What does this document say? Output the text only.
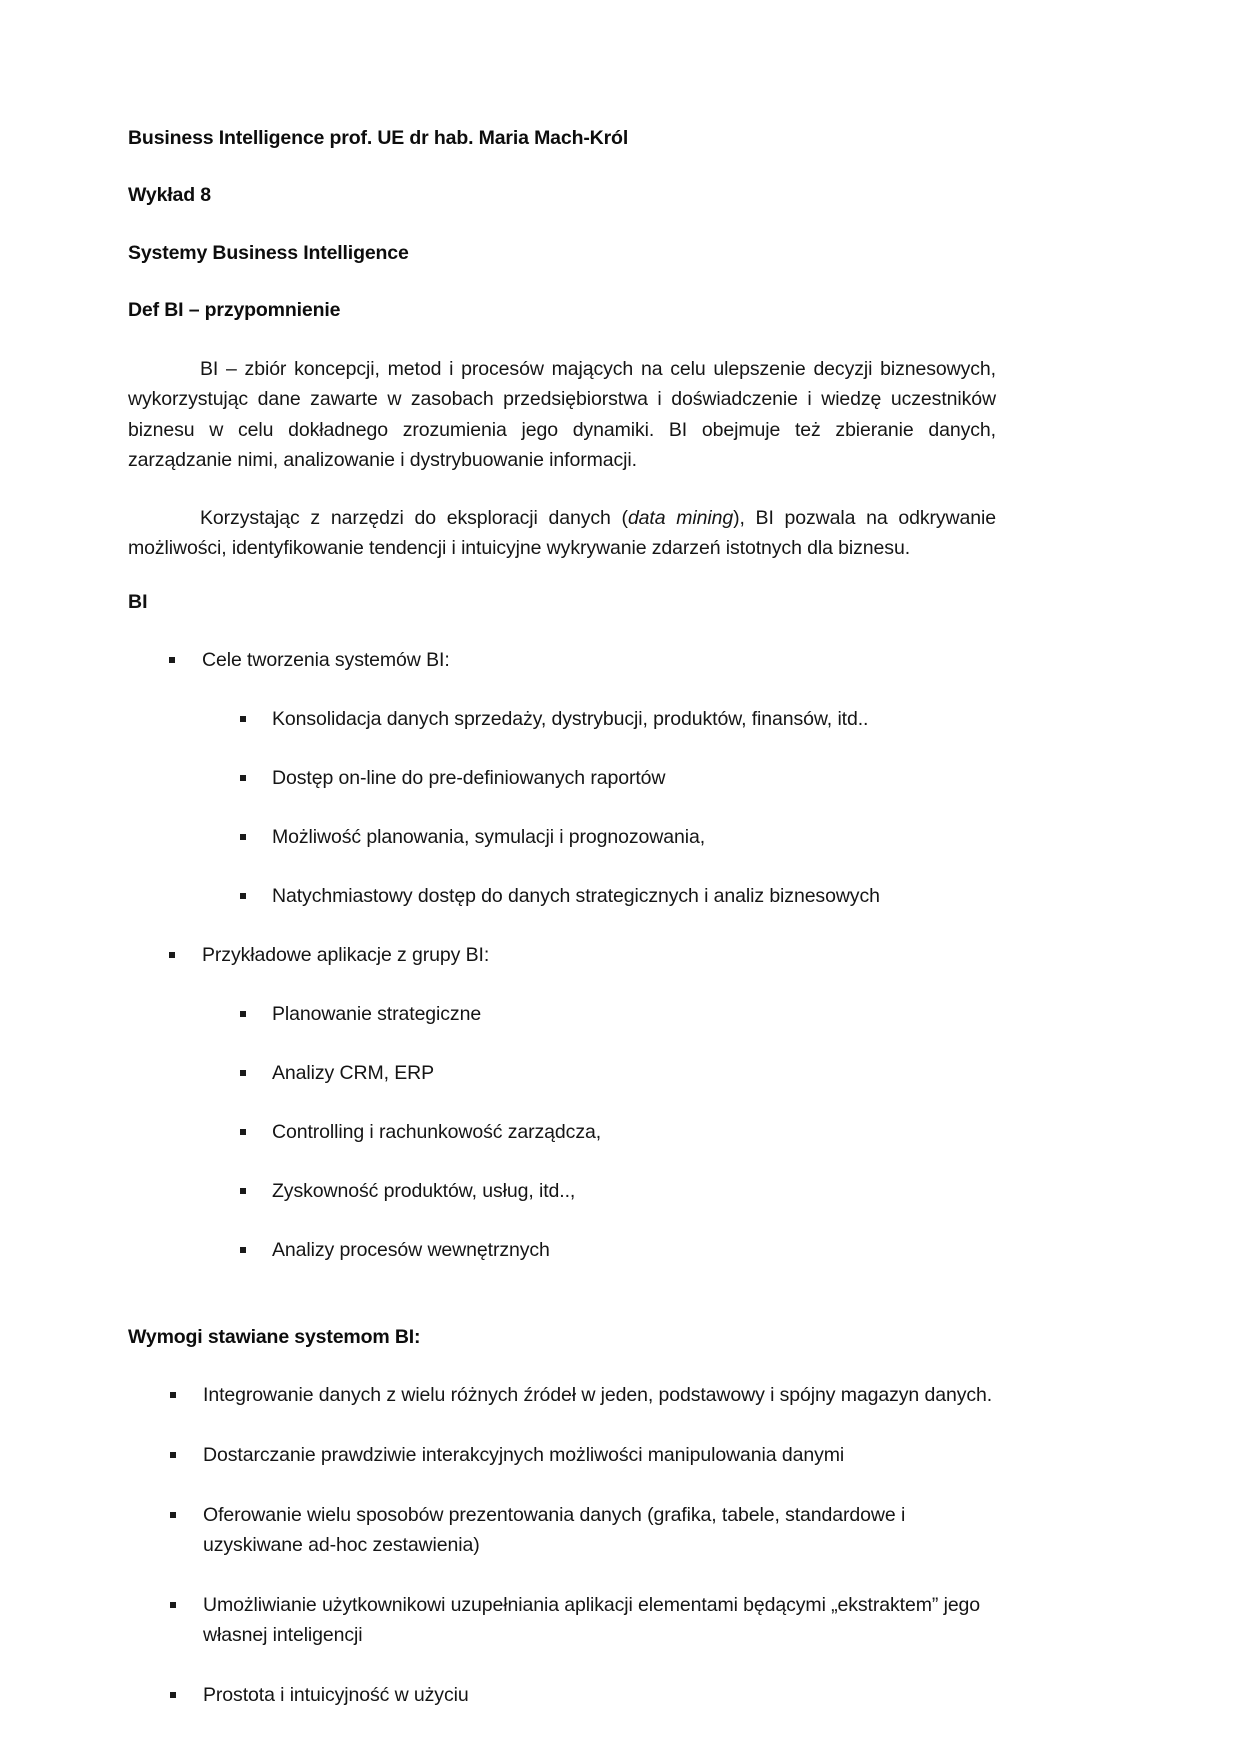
Business Intelligence prof. UE dr hab. Maria Mach-Król
Wykład 8
Systemy Business Intelligence
Def BI – przypomnienie

BI – zbiór koncepcji, metod i procesów mających na celu ulepszenie decyzji biznesowych, wykorzystując dane zawarte w zasobach przedsiębiorstwa i doświadczenie i wiedzę uczestników biznesu w celu dokładnego zrozumienia jego dynamiki. BI obejmuje też zbieranie danych, zarządzanie nimi, analizowanie i dystrybuowanie informacji.

Korzystając z narzędzi do eksploracji danych (data mining), BI pozwala na odkrywanie możliwości, identyfikowanie tendencji i intuicyjne wykrywanie zdarzeń istotnych dla biznesu.

BI
Cele tworzenia systemów BI:
Konsolidacja danych sprzedaży, dystrybucji, produktów, finansów, itd..
Dostęp on-line do pre-definiowanych raportów
Możliwość planowania, symulacji i prognozowania,
Natychmiastowy dostęp do danych strategicznych i analiz biznesowych
Przykładowe aplikacje z grupy BI:
Planowanie strategiczne
Analizy CRM, ERP
Controlling i rachunkowość zarządcza,
Zyskowność produktów, usług, itd..,
Analizy procesów wewnętrznych
Wymogi stawiane systemom BI:
Integrowanie danych z wielu różnych źródeł w jeden, podstawowy i spójny magazyn danych.
Dostarczanie prawdziwie interakcyjnych możliwości manipulowania danymi
Oferowanie wielu sposobów prezentowania danych (grafika, tabele, standardowe i uzyskiwane ad-hoc zestawienia)
Umożliwianie użytkownikowi uzupełniania aplikacji elementami będącymi „ekstraktem” jego własnej inteligencji
Prostota i intuicyjność w użyciu
